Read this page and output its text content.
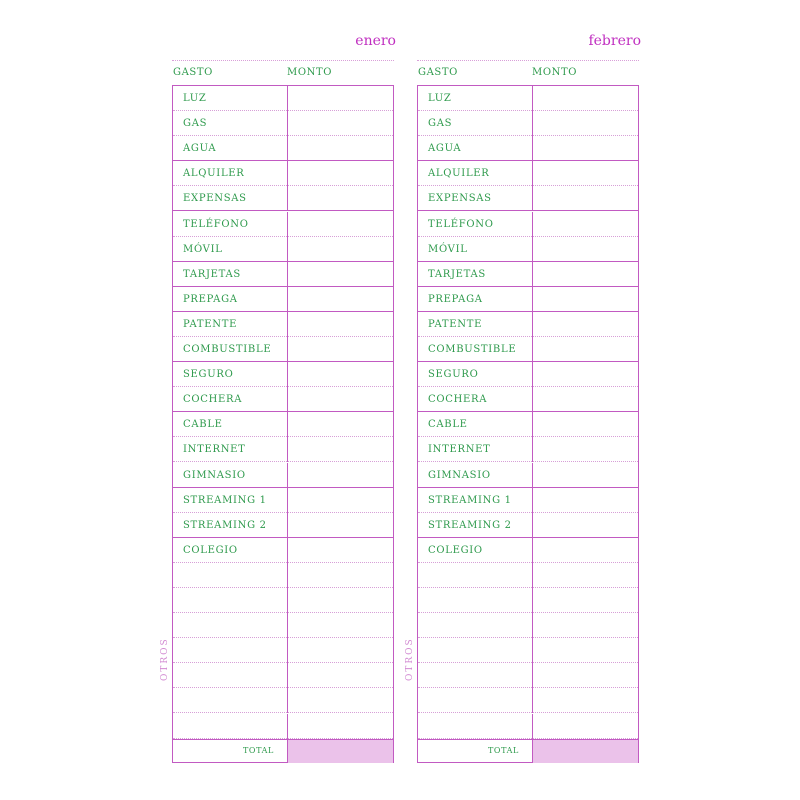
enero
GASTO	MONTO
LUZ
GAS
AGUA
ALQUILER
EXPENSAS
TELÉFONO
MÓVIL
TARJETAS
PREPAGA
PATENTE
COMBUSTIBLE
SEGURO
COCHERA
CABLE
INTERNET
GIMNASIO
STREAMING 1
STREAMING 2
COLEGIO
TOTAL
OTROS
febrero
GASTO	MONTO
LUZ
GAS
AGUA
ALQUILER
EXPENSAS
TELÉFONO
MÓVIL
TARJETAS
PREPAGA
PATENTE
COMBUSTIBLE
SEGURO
COCHERA
CABLE
INTERNET
GIMNASIO
STREAMING 1
STREAMING 2
COLEGIO
TOTAL
OTROS
